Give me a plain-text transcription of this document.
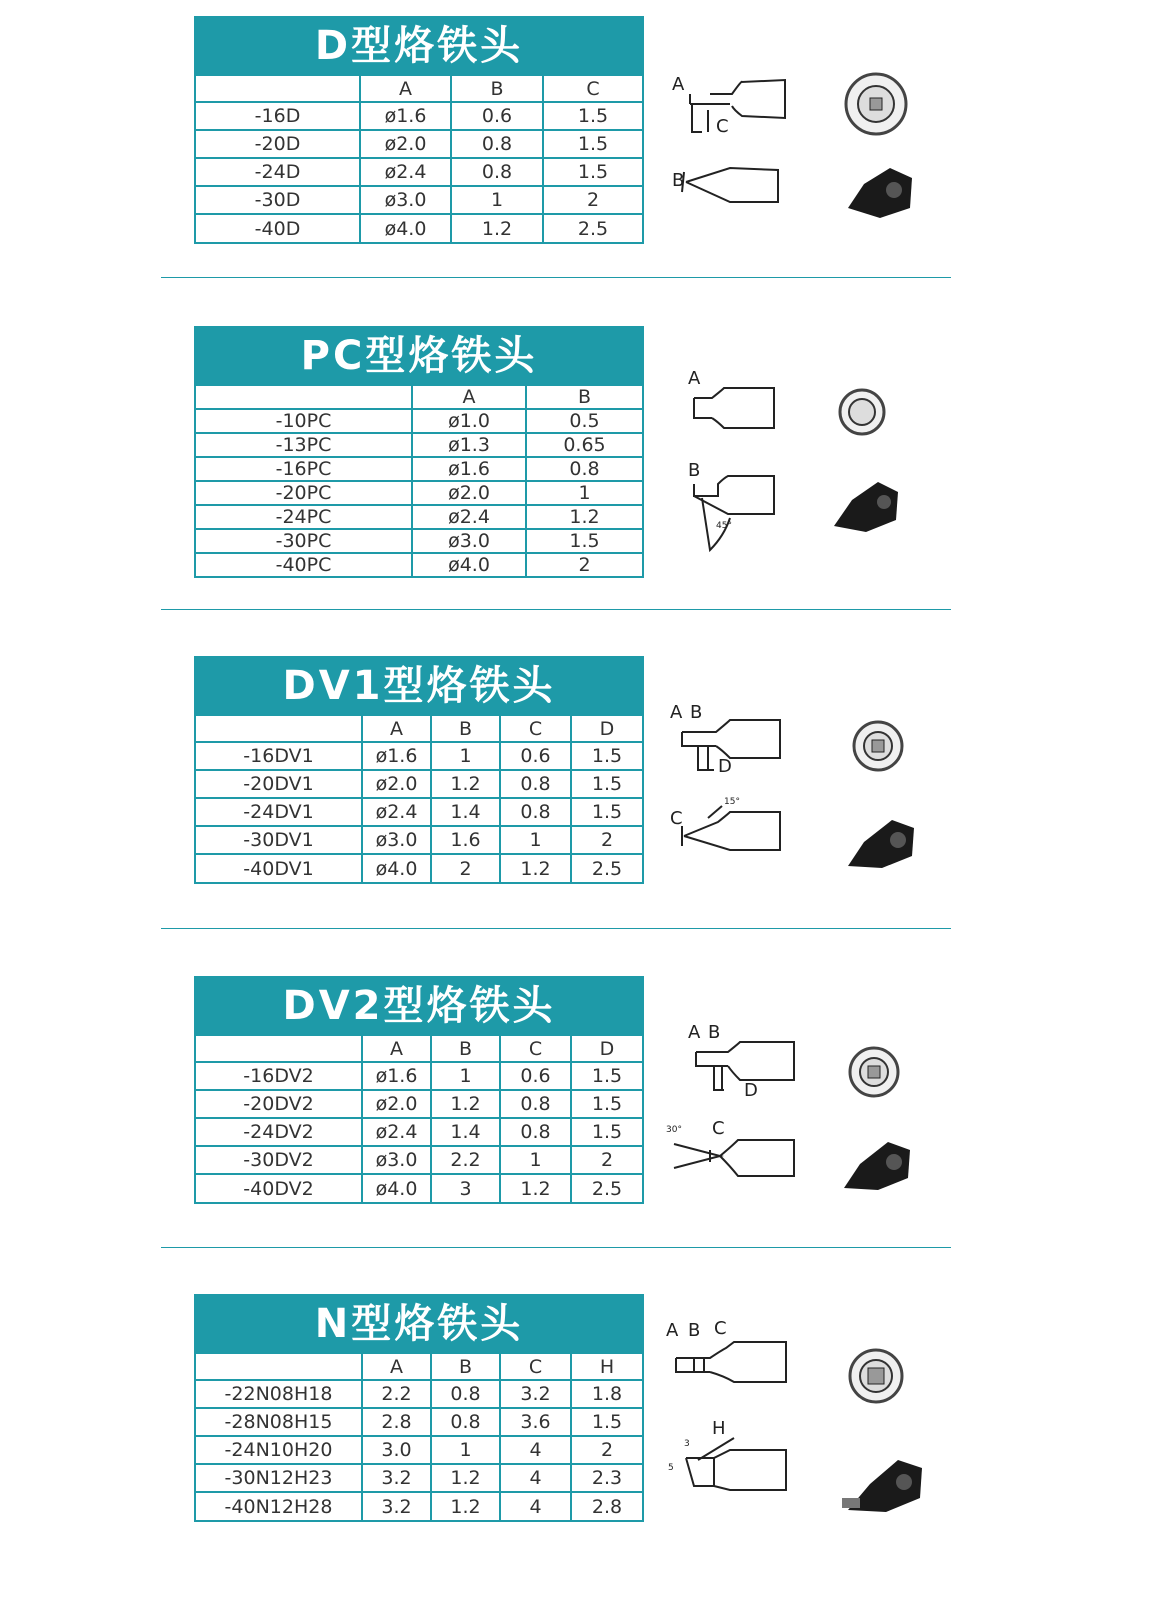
D型烙铁头
	A	B	C
-16D	ø1.6	0.6	1.5
-20D	ø2.0	0.8	1.5
-24D	ø2.4	0.8	1.5
-30D	ø3.0	1	2
-40D	ø4.0	1.2	2.5
A
C
B
PC型烙铁头
	A	B
-10PC	ø1.0	0.5
-13PC	ø1.3	0.65
-16PC	ø1.6	0.8
-20PC	ø2.0	1
-24PC	ø2.4	1.2
-30PC	ø3.0	1.5
-40PC	ø4.0	2
A
B
45°
DV1型烙铁头
	A	B	C	D
-16DV1	ø1.6	1	0.6	1.5
-20DV1	ø2.0	1.2	0.8	1.5
-24DV1	ø2.4	1.4	0.8	1.5
-30DV1	ø3.0	1.6	1	2
-40DV1	ø4.0	2	1.2	2.5
A B
D
C
15°
DV2型烙铁头
	A	B	C	D
-16DV2	ø1.6	1	0.6	1.5
-20DV2	ø2.0	1.2	0.8	1.5
-24DV2	ø2.4	1.4	0.8	1.5
-30DV2	ø3.0	2.2	1	2
-40DV2	ø4.0	3	1.2	2.5
A B
D
C
30°
N型烙铁头
	A	B	C	H
-22N08H18	2.2	0.8	3.2	1.8
-28N08H15	2.8	0.8	3.6	1.5
-24N10H20	3.0	1	4	2
-30N12H23	3.2	1.2	4	2.3
-40N12H28	3.2	1.2	4	2.8
A B C
H
5
3
